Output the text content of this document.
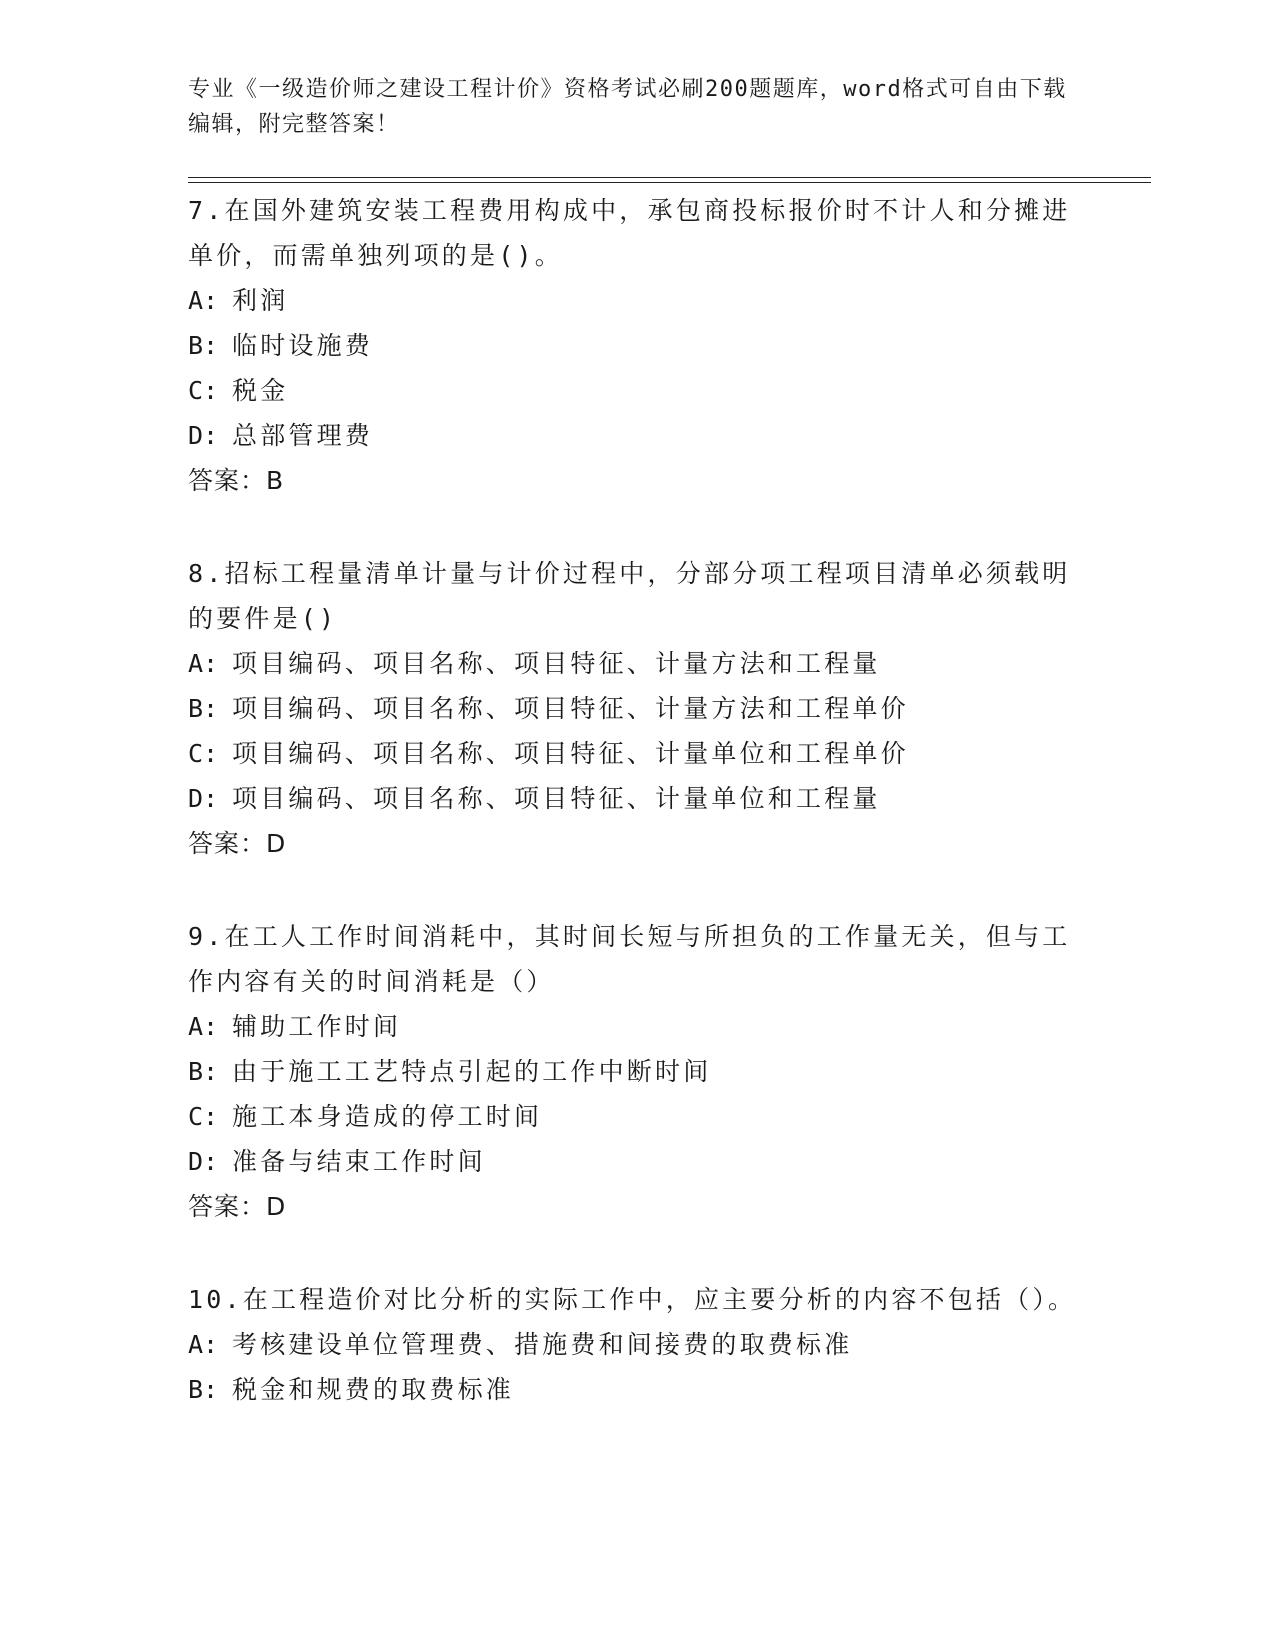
专业《一级造价师之建设工程计价》资格考试必刷200题题库，word格式可自由下载编辑，附完整答案！

7.在国外建筑安装工程费用构成中，承包商投标报价时不计人和分摊进单价，而需单独列项的是()。

A: 利润

B: 临时设施费

C: 税金

D: 总部管理费

答案：B

8.招标工程量清单计量与计价过程中，分部分项工程项目清单必须载明的要件是()

A: 项目编码、项目名称、项目特征、计量方法和工程量

B: 项目编码、项目名称、项目特征、计量方法和工程单价

C: 项目编码、项目名称、项目特征、计量单位和工程单价

D: 项目编码、项目名称、项目特征、计量单位和工程量

答案：D

9.在工人工作时间消耗中，其时间长短与所担负的工作量无关，但与工作内容有关的时间消耗是（）

A: 辅助工作时间

B: 由于施工工艺特点引起的工作中断时间

C: 施工本身造成的停工时间

D: 准备与结束工作时间

答案：D

10.在工程造价对比分析的实际工作中，应主要分析的内容不包括（）。

A: 考核建设单位管理费、措施费和间接费的取费标准

B: 税金和规费的取费标准
